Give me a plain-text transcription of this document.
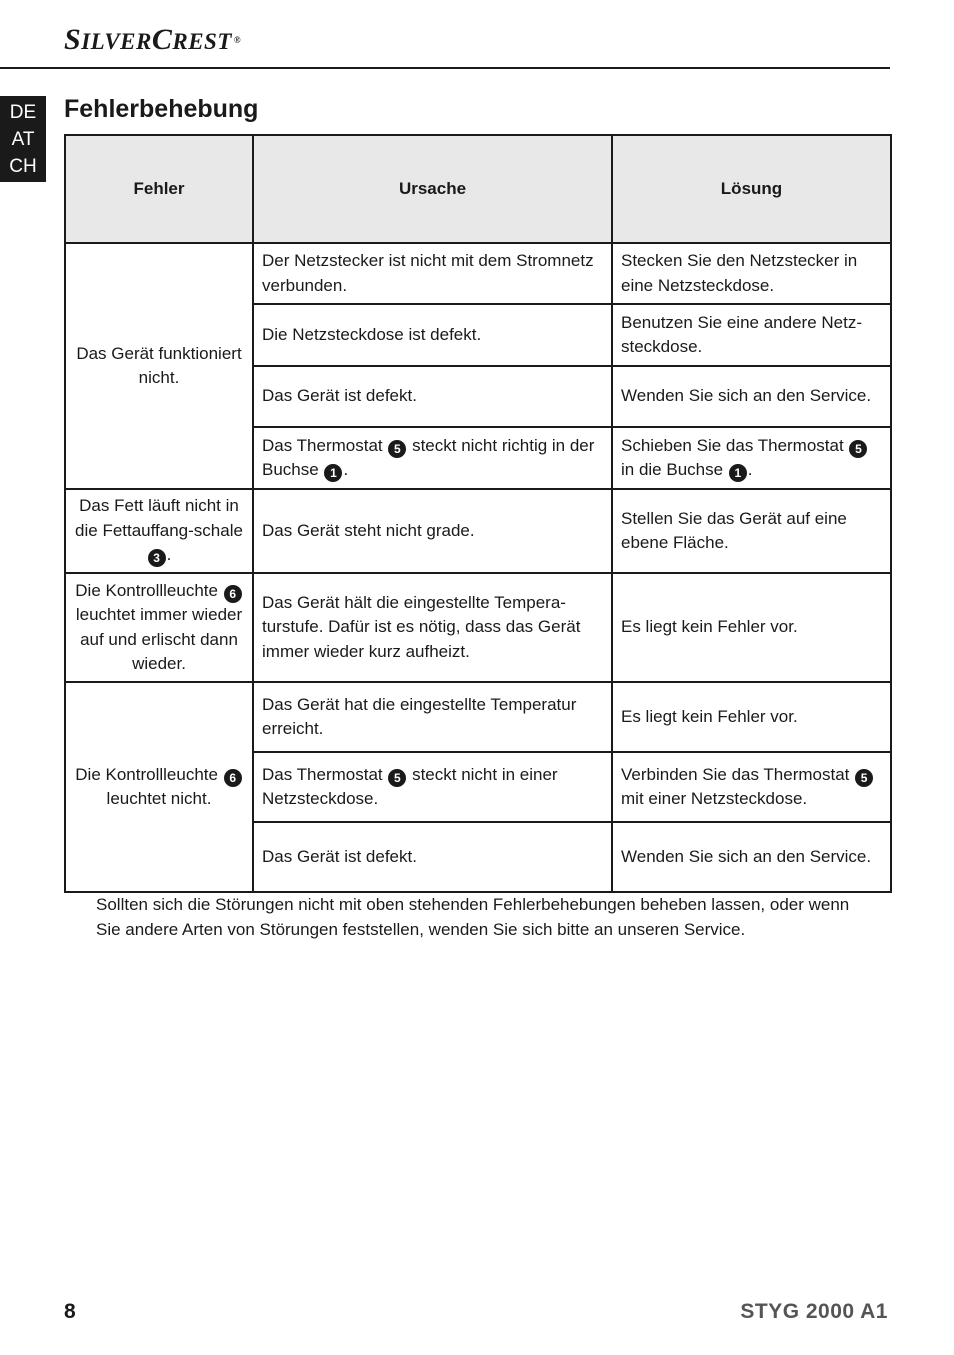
SILVERCREST ®
DE
AT
CH
Fehlerbehebung
Fehler	Ursache	Lösung
Das Gerät funktioniert nicht.	Der Netzstecker ist nicht mit dem Stromnetz verbunden.	Stecken Sie den Netzstecker in eine Netzsteckdose.
	Die Netzsteckdose ist defekt.	Benutzen Sie eine andere Netz-steckdose.
	Das Gerät ist defekt.	Wenden Sie sich an den Service.
	Das Thermostat 5 steckt nicht richtig in der Buchse 1 .	Schieben Sie das Thermostat 5 in die Buchse 1 .
Das Fett läuft nicht in die Fettauffang-schale 3 .	Das Gerät steht nicht grade.	Stellen Sie das Gerät auf eine ebene Fläche.
Die Kontrollleuchte 6 leuchtet immer wieder auf und erlischt dann wieder.	Das Gerät hält die eingestellte Tempera-turstufe. Dafür ist es nötig, dass das Gerät immer wieder kurz aufheizt.	Es liegt kein Fehler vor.
Die Kontrollleuchte 6 leuchtet nicht.	Das Gerät hat die eingestellte Temperatur erreicht.	Es liegt kein Fehler vor.
	Das Thermostat 5 steckt nicht in einer Netzsteckdose.	Verbinden Sie das Thermostat 5 mit einer Netzsteckdose.
	Das Gerät ist defekt.	Wenden Sie sich an den Service.

Sollten sich die Störungen nicht mit oben stehenden Fehlerbehebungen beheben lassen, oder wenn Sie andere Arten von Störungen feststellen, wenden Sie sich bitte an unseren Service.

8	STYG 2000 A1
